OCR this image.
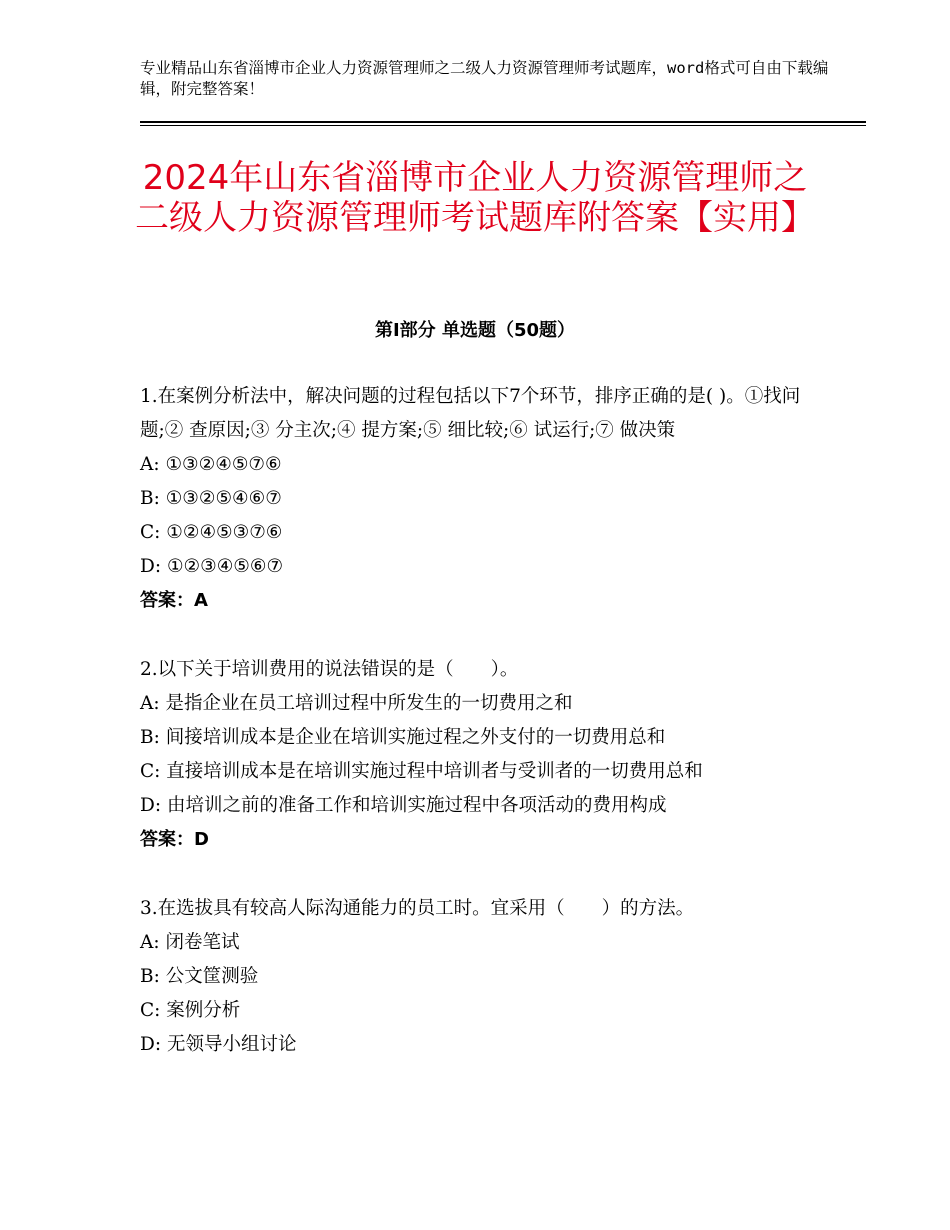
专业精品山东省淄博市企业人力资源管理师之二级人力资源管理师考试题库，word格式可自由下载编辑，附完整答案！
2024年山东省淄博市企业人力资源管理师之二级人力资源管理师考试题库附答案【实用】
第Ⅰ部分 单选题（50题）
1.在案例分析法中，解决问题的过程包括以下7个环节，排序正确的是( )。①找问题;② 查原因;③ 分主次;④ 提方案;⑤ 细比较;⑥ 试运行;⑦ 做决策
A: ①③②④⑤⑦⑥
B: ①③②⑤④⑥⑦
C: ①②④⑤③⑦⑥
D: ①②③④⑤⑥⑦
答案：A
2.以下关于培训费用的说法错误的是（　　）。
A: 是指企业在员工培训过程中所发生的一切费用之和
B: 间接培训成本是企业在培训实施过程之外支付的一切费用总和
C: 直接培训成本是在培训实施过程中培训者与受训者的一切费用总和
D: 由培训之前的准备工作和培训实施过程中各项活动的费用构成
答案：D
3.在选拔具有较高人际沟通能力的员工时。宜采用（　　）的方法。
A: 闭卷笔试
B: 公文筐测验
C: 案例分析
D: 无领导小组讨论
